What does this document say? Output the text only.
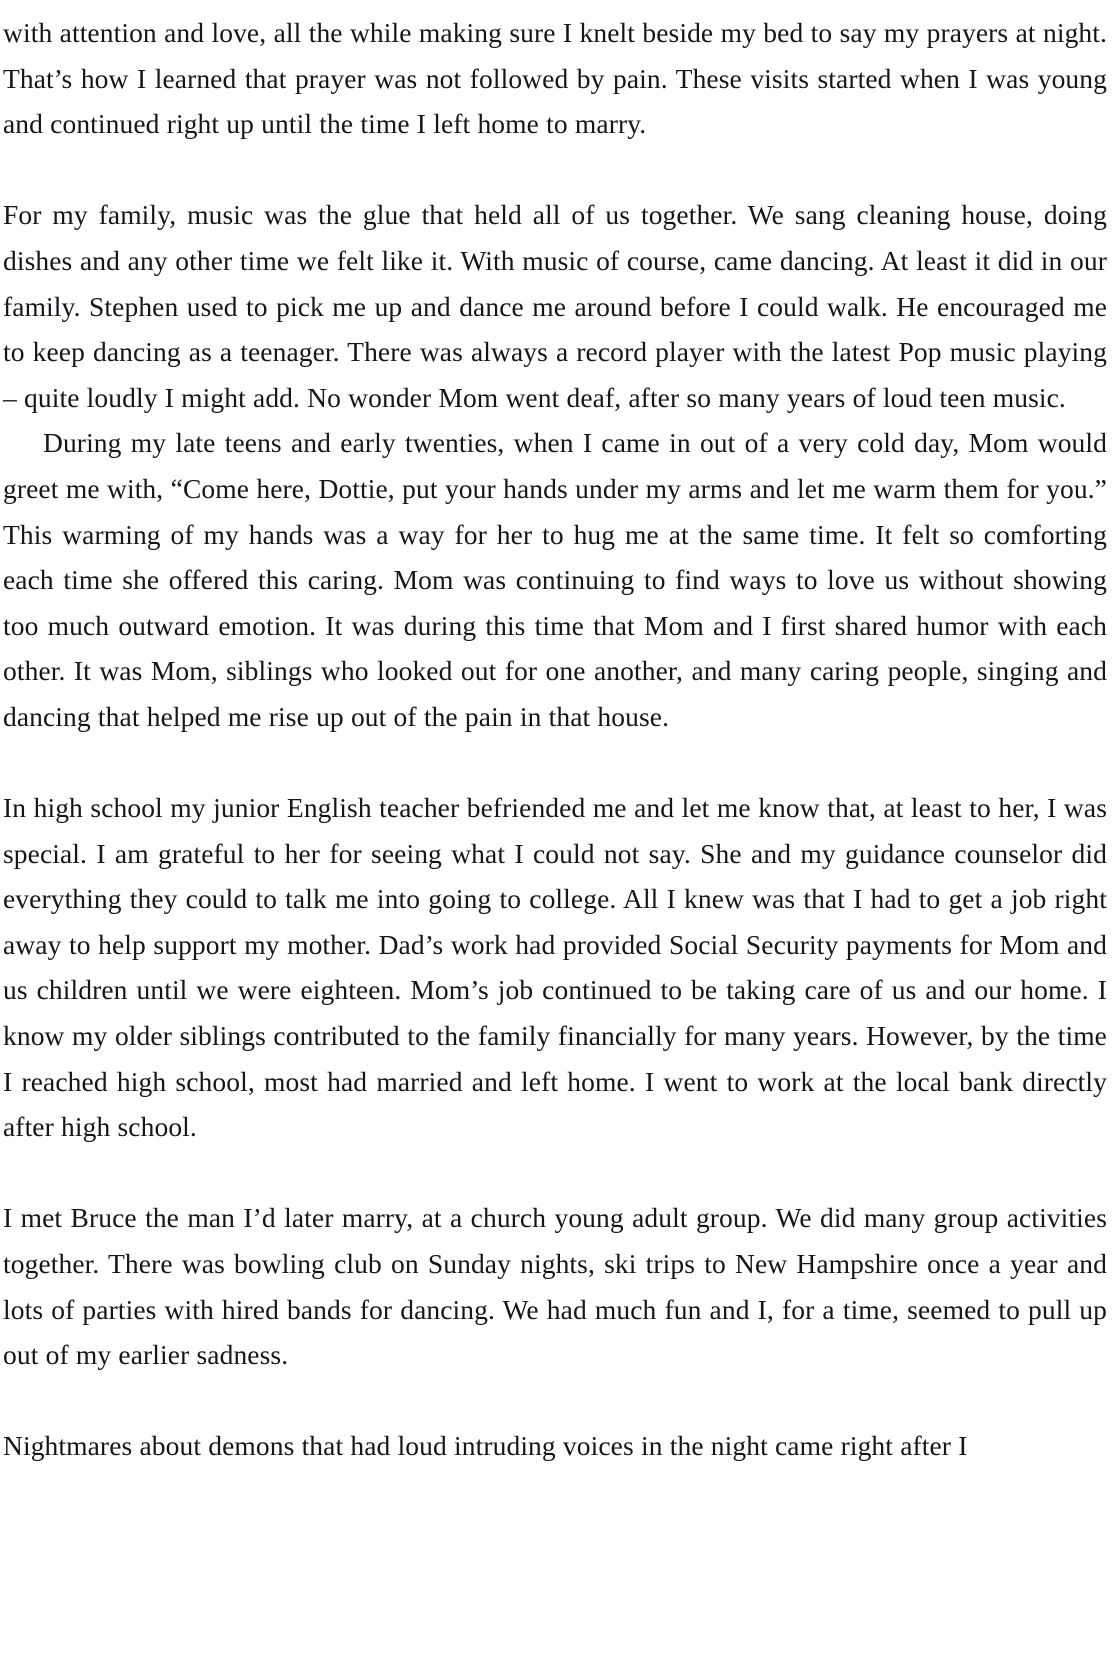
with attention and love, all the while making sure I knelt beside my bed to say my prayers at night. That’s how I learned that prayer was not followed by pain. These visits started when I was young and continued right up until the time I left home to marry.

For my family, music was the glue that held all of us together. We sang cleaning house, doing dishes and any other time we felt like it. With music of course, came dancing. At least it did in our family. Stephen used to pick me up and dance me around before I could walk. He encouraged me to keep dancing as a teenager. There was always a record player with the latest Pop music playing – quite loudly I might add. No wonder Mom went deaf, after so many years of loud teen music.

During my late teens and early twenties, when I came in out of a very cold day, Mom would greet me with, “Come here, Dottie, put your hands under my arms and let me warm them for you.” This warming of my hands was a way for her to hug me at the same time. It felt so comforting each time she offered this caring. Mom was continuing to find ways to love us without showing too much outward emotion. It was during this time that Mom and I first shared humor with each other. It was Mom, siblings who looked out for one another, and many caring people, singing and dancing that helped me rise up out of the pain in that house.

In high school my junior English teacher befriended me and let me know that, at least to her, I was special. I am grateful to her for seeing what I could not say. She and my guidance counselor did everything they could to talk me into going to college. All I knew was that I had to get a job right away to help support my mother. Dad’s work had provided Social Security payments for Mom and us children until we were eighteen. Mom’s job continued to be taking care of us and our home. I know my older siblings contributed to the family financially for many years. However, by the time I reached high school, most had married and left home. I went to work at the local bank directly after high school.

I met Bruce the man I’d later marry, at a church young adult group. We did many group activities together. There was bowling club on Sunday nights, ski trips to New Hampshire once a year and lots of parties with hired bands for dancing. We had much fun and I, for a time, seemed to pull up out of my earlier sadness.

Nightmares about demons that had loud intruding voices in the night came right after I
